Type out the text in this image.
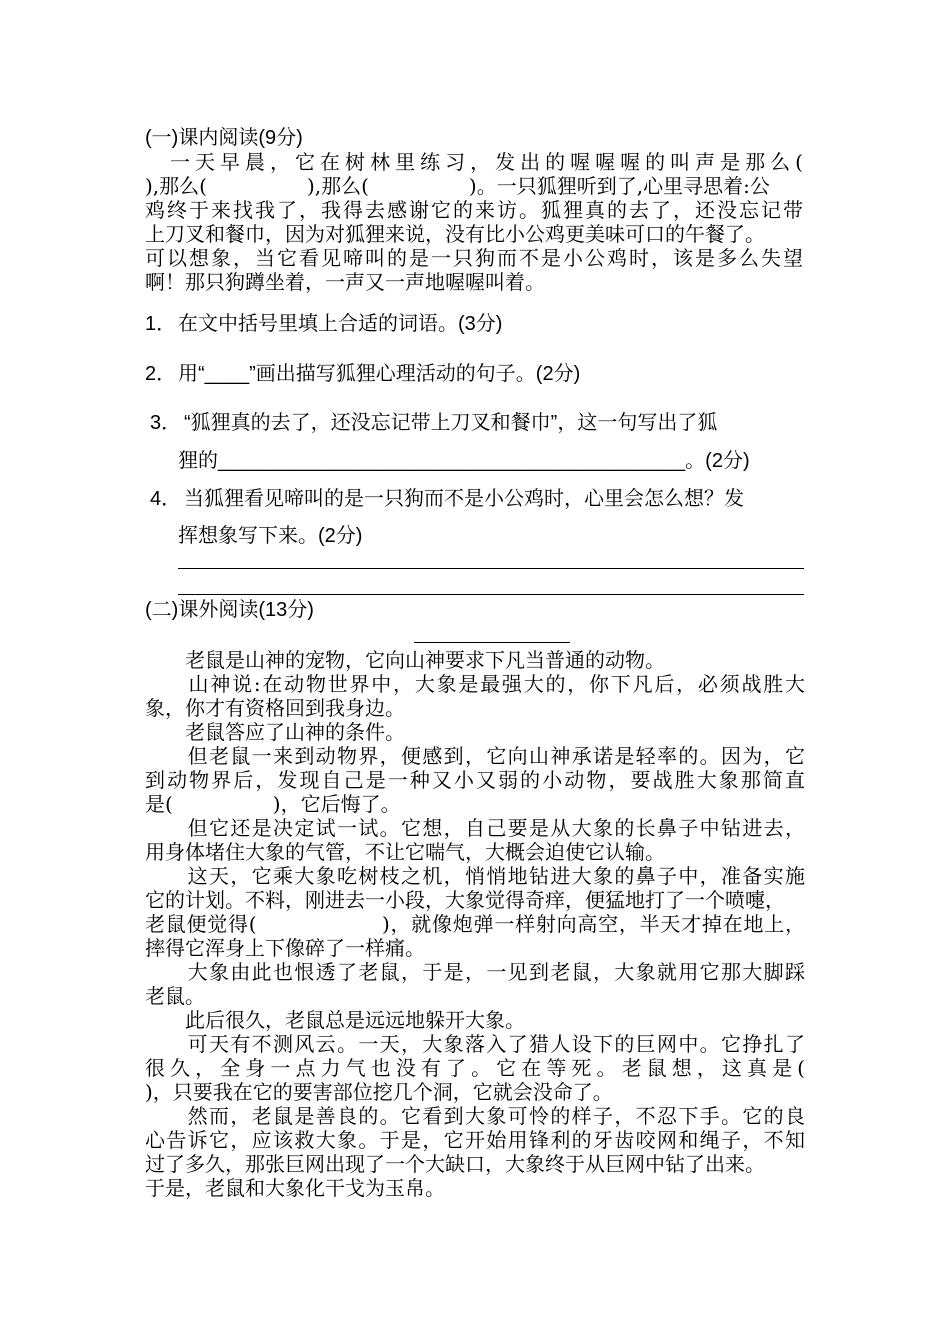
(一)课内阅读(9分)
　一天早晨，它在树林里练习，发出的喔喔喔的叫声是那么(
),那么(　　　　　),那么(　　　　　)。一只狐狸听到了,心里寻思着:公
鸡终于来找我了，我得去感谢它的来访。狐狸真的去了，还没忘记带
上刀叉和餐巾，因为对狐狸来说，没有比小公鸡更美味可口的午餐了。
可以想象，当它看见啼叫的是一只狗而不是小公鸡时，该是多么失望
啊！那只狗蹲坐着，一声又一声地喔喔叫着。
1． 在文中括号里填上合适的词语。(3分)
2． 用“____”画出描写狐狸心理活动的句子。(2分)
3． “狐狸真的去了，还没忘记带上刀叉和餐巾”，这一句写出了狐
狸的__________________________________________。(2分)
4． 当狐狸看见啼叫的是一只狗而不是小公鸡时，心里会怎么想？发
挥想象写下来。(2分)
(二)课外阅读(13分)
　　老鼠是山神的宠物，它向山神要求下凡当普通的动物。
　　山神说:在动物世界中，大象是最强大的，你下凡后，必须战胜大
象，你才有资格回到我身边。
　　老鼠答应了山神的条件。
　　但老鼠一来到动物界，便感到，它向山神承诺是轻率的。因为，它
到动物界后，发现自己是一种又小又弱的小动物，要战胜大象那简直
是(　　　　　)，它后悔了。
　　但它还是决定试一试。它想，自己要是从大象的长鼻子中钻进去，
用身体堵住大象的气管，不让它喘气，大概会迫使它认输。
　　这天，它乘大象吃树枝之机，悄悄地钻进大象的鼻子中，准备实施
它的计划。不料，刚进去一小段，大象觉得奇痒，便猛地打了一个喷嚏，
老鼠便觉得(　　　　　　)，就像炮弹一样射向高空，半天才掉在地上，
摔得它浑身上下像碎了一样痛。
　　大象由此也恨透了老鼠，于是，一见到老鼠，大象就用它那大脚踩
老鼠。
　　此后很久，老鼠总是远远地躲开大象。
　　可天有不测风云。一天，大象落入了猎人设下的巨网中。它挣扎了
很久，全身一点力气也没有了。它在等死。老鼠想，这真是(
)，只要我在它的要害部位挖几个洞，它就会没命了。
　　然而，老鼠是善良的。它看到大象可怜的样子，不忍下手。它的良
心告诉它，应该救大象。于是，它开始用锋利的牙齿咬网和绳子，不知
过了多久，那张巨网出现了一个大缺口，大象终于从巨网中钻了出来。
于是，老鼠和大象化干戈为玉帛。
